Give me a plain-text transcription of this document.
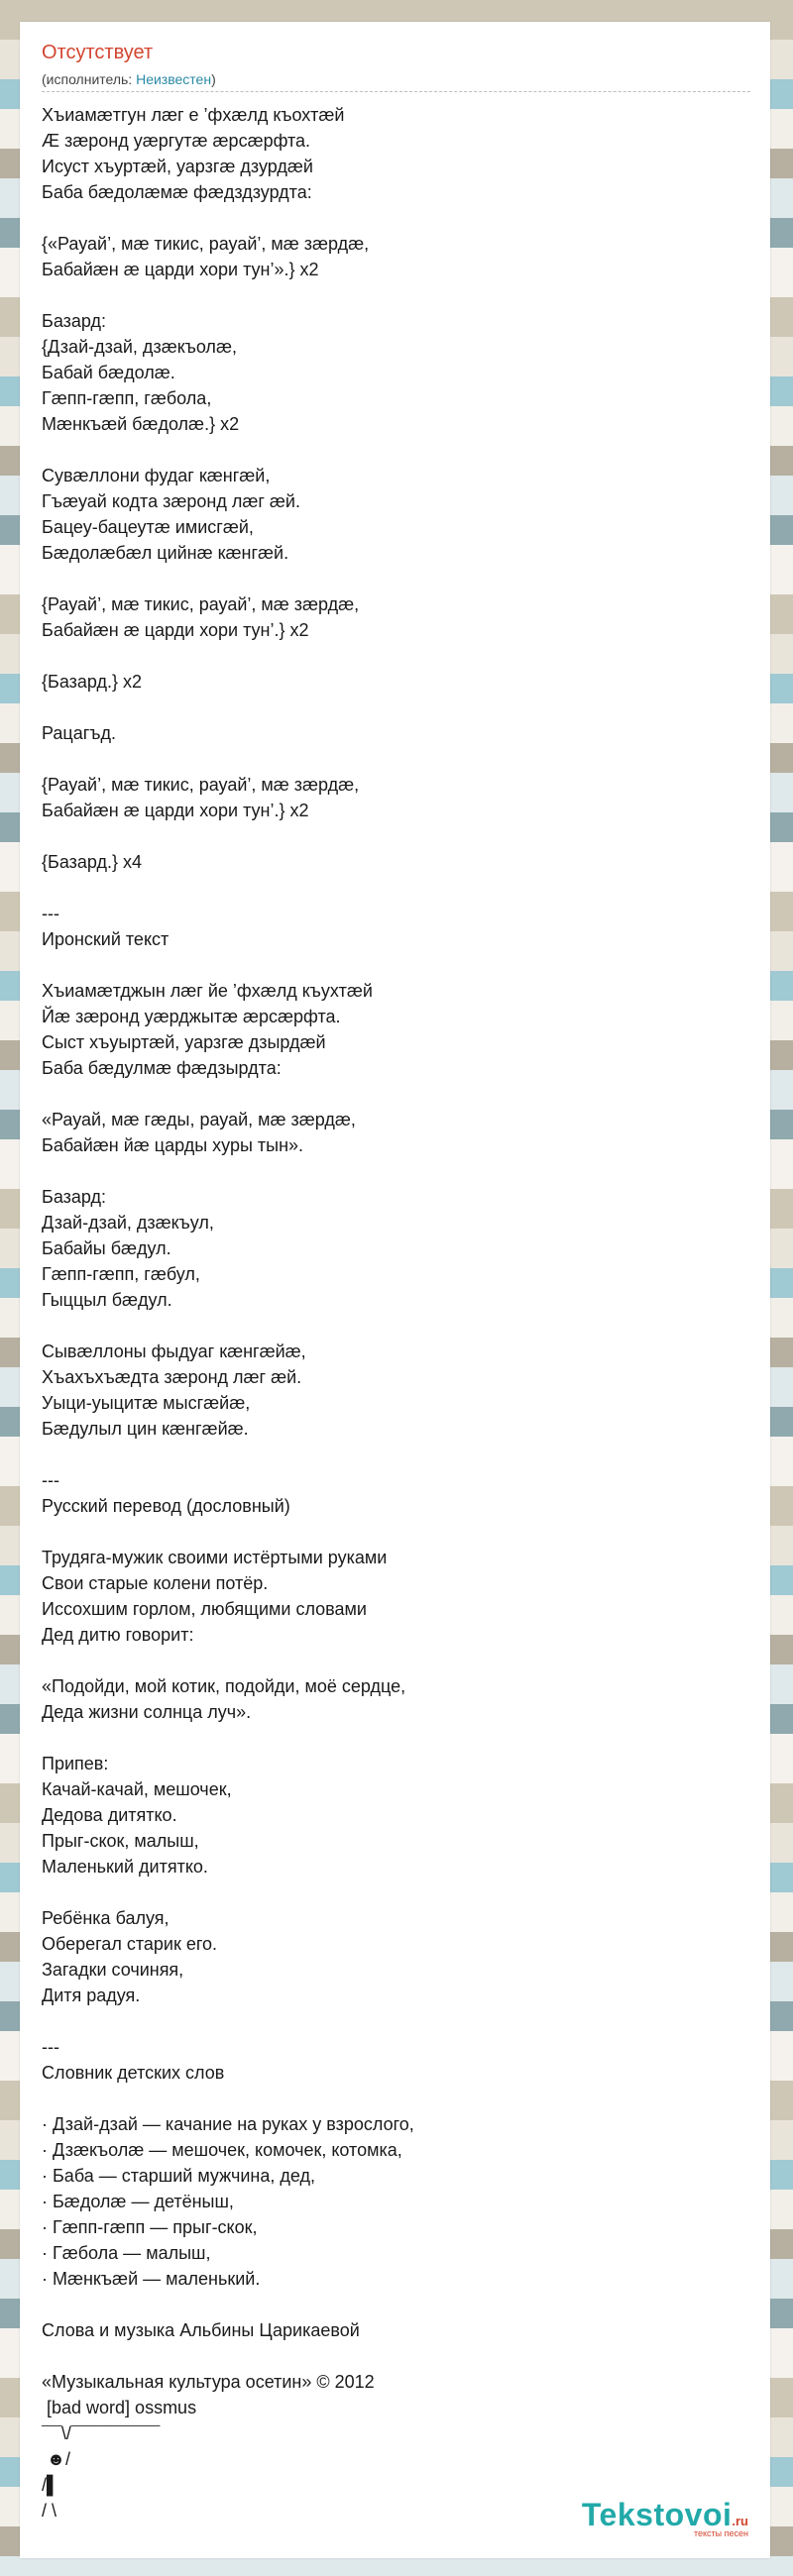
Отсутствует
(исполнитель: Неизвестен)
Хъиамæтгун лæг е ’фхæлд къохтæй
Æ зæронд уæргутæ æрсæрфта.
Исуст хъуртæй, уарзгæ дзурдæй
Баба бæдолæмæ фæдздзурдта:
{«Рауай’, мæ тикис, рауай’, мæ зæрдæ,
Бабайæн æ царди хори тун’».} x2
Базард:
{Дзай-дзай, дзæкъолæ,
Бабай бæдолæ.
Гæпп-гæпп, гæбола,
Мæнкъæй бæдолæ.} x2
Сувæллони фудаг кæнгæй,
Гъæуай кодта зæронд лæг æй.
Бацеу-бацеутæ имисгæй,
Бæдолæбæл цийнæ кæнгæй.
{Рауай’, мæ тикис, рауай’, мæ зæрдæ,
Бабайæн æ царди хори тун’.} x2
{Базард.} x2
Рацагъд.
{Рауай’, мæ тикис, рауай’, мæ зæрдæ,
Бабайæн æ царди хори тун’.} x2
{Базард.} x4
---
Иронский текст
Хъиамæтджын лæг йе ’фхæлд къухтæй
Йæ зæронд уæрджытæ æрсæрфта.
Сыст хъуыртæй, уарзгæ дзырдæй
Баба бæдулмæ фæдзырдта:
«Рауай, мæ гæды, рауай, мæ зæрдæ,
Бабайæн йæ царды хуры тын».
Базард:
Дзай-дзай, дзæкъул,
Бабайы бæдул.
Гæпп-гæпп, гæбул,
Гыццыл бæдул.
Сывæллоны фыдуаг кæнгæйæ,
Хъахъхъæдта зæронд лæг æй.
Уыци-уыцитæ мысгæйæ,
Бæдулыл цин кæнгæйæ.
---
Русский перевод (дословный)
Трудяга-мужик своими истёртыми руками
Свои старые колени потёр.
Иссохшим горлом, любящими словами
Дед дитю говорит:
«Подойди, мой котик, подойди, моё сердце,
Деда жизни солнца луч».
Припев:
Качай-качай, мешочек,
Дедова дитятко.
Прыг-скок, малыш,
Маленький дитятко.
Ребёнка балуя,
Оберегал старик его.
Загадки сочиняя,
Дитя радуя.
---
Словник детских слов
· Дзай-дзай — качание на руках у взрослого,
· Дзæкъолæ — мешочек, комочек, котомка,
· Баба — старший мужчина, дед,
· Бæдолæ — детёныш,
· Гæпп-гæпп — прыг-скок,
· Гæбола — малыш,
· Мæнкъæй — маленький.
Слова и музыка Альбины Царикаевой
«Музыкальная культура осетин» © 2012
[bad word] ossmus
¯¯\/¯¯¯¯¯¯¯¯¯
☻/
/▌
/ \	Tekstovoi.ru
тексты песен
